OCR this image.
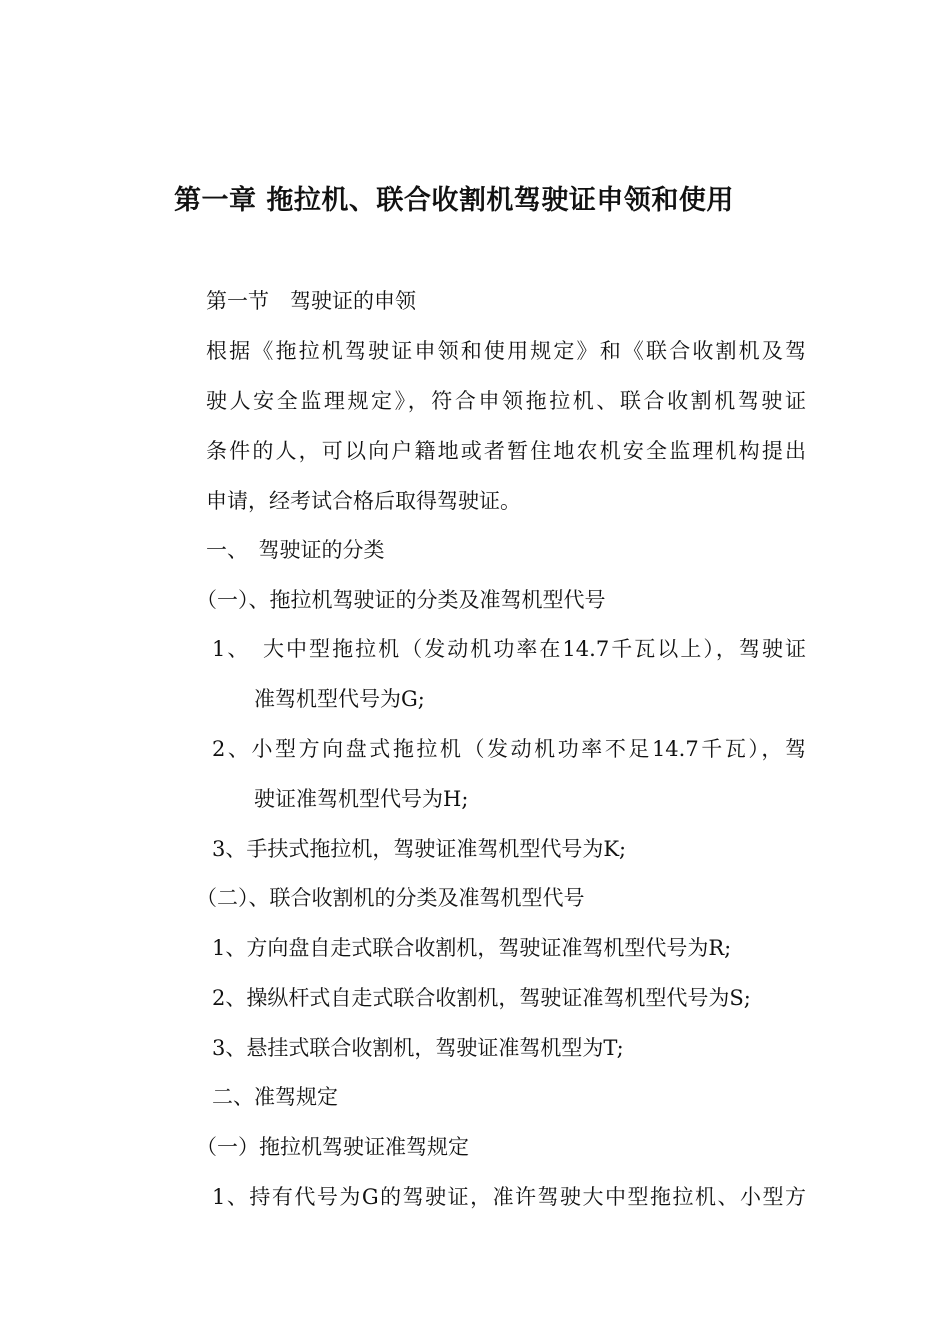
第一章 拖拉机、联合收割机驾驶证申领和使用
第一节　驾驶证的申领
根据《拖拉机驾驶证申领和使用规定》和《联合收割机及驾
驶人安全监理规定》，符合申领拖拉机、联合收割机驾驶证
条件的人，可以向户籍地或者暂住地农机安全监理机构提出
申请，经考试合格后取得驾驶证。
一、　驾驶证的分类
（一）、拖拉机驾驶证的分类及准驾机型代号
1、　大中型拖拉机（发动机功率在14.7千瓦以上），驾驶证
准驾机型代号为G;
2、小型方向盘式拖拉机（发动机功率不足14.7千瓦），驾
驶证准驾机型代号为H;
3、手扶式拖拉机，驾驶证准驾机型代号为K;
（二）、联合收割机的分类及准驾机型代号
1、方向盘自走式联合收割机，驾驶证准驾机型代号为R;
2、操纵杆式自走式联合收割机，驾驶证准驾机型代号为S;
3、悬挂式联合收割机，驾驶证准驾机型为T;
二、准驾规定
（一）拖拉机驾驶证准驾规定
1、持有代号为G的驾驶证，准许驾驶大中型拖拉机、小型方
